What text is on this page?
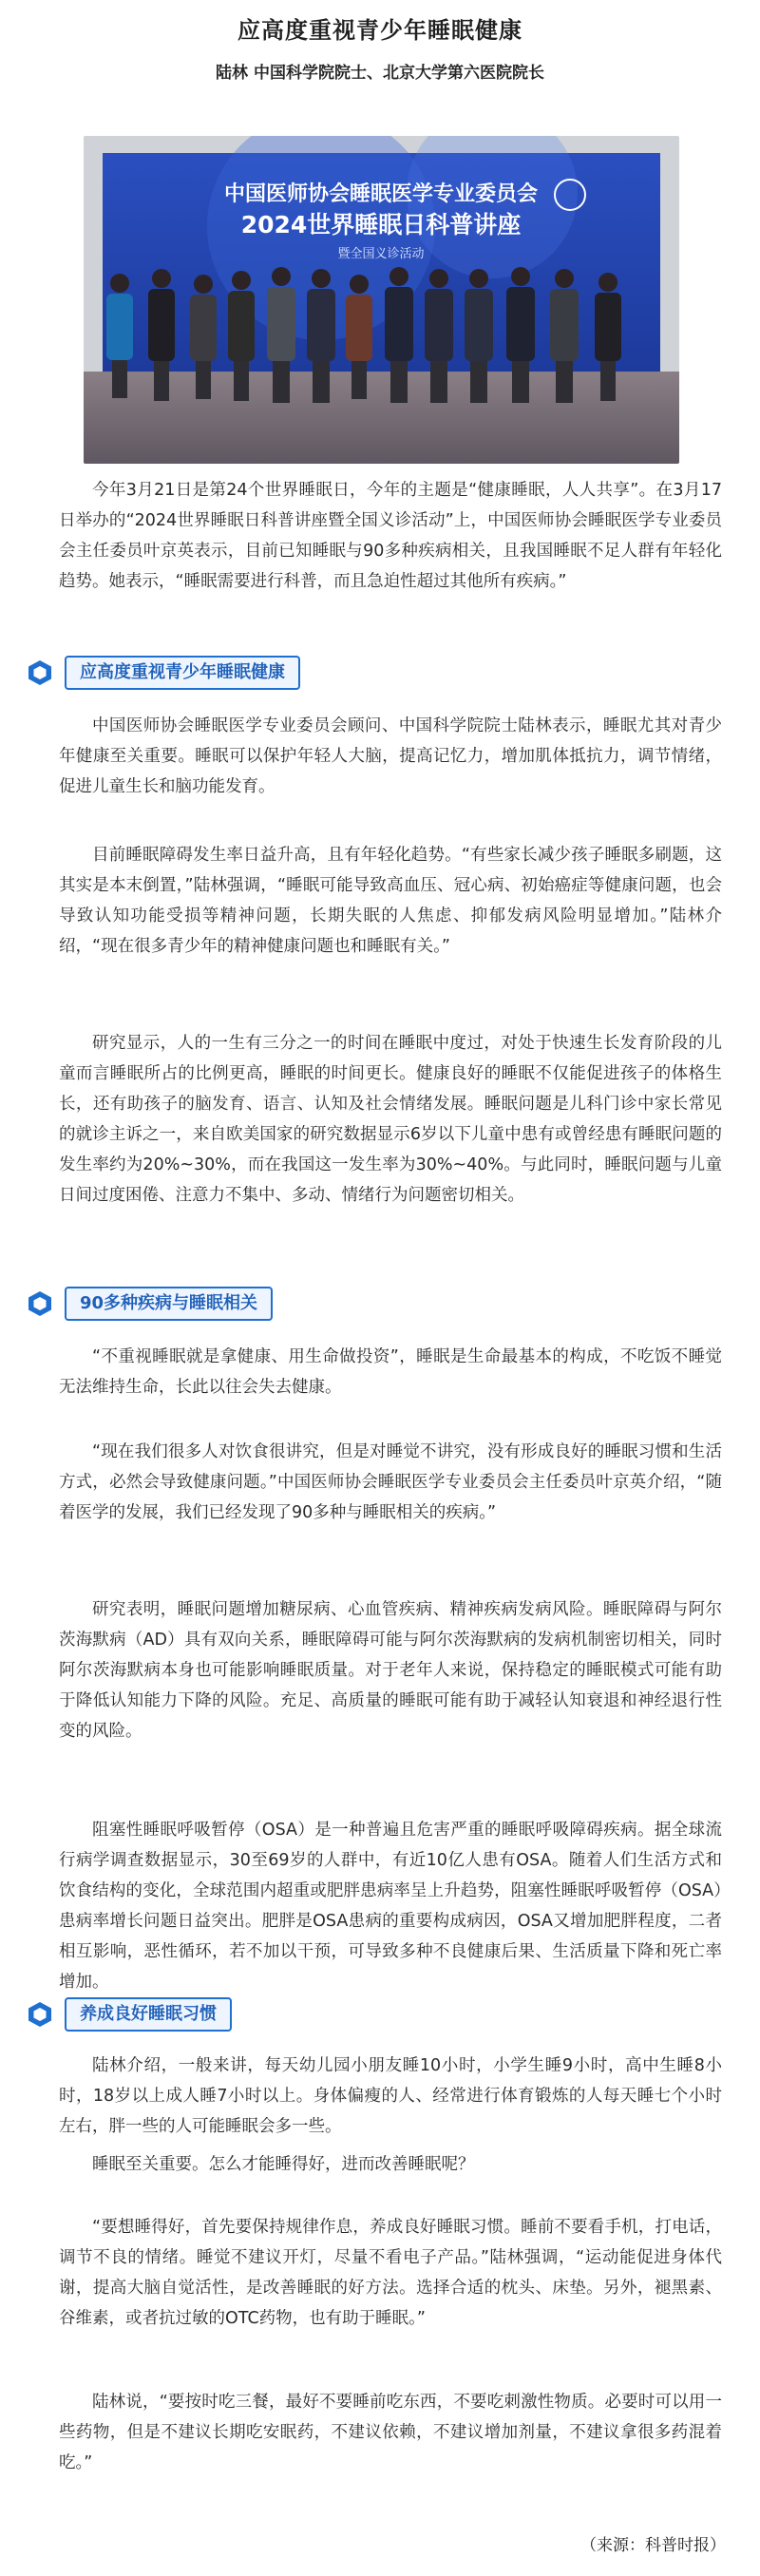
应高度重视青少年睡眠健康
陆林 中国科学院院士、北京大学第六医院院长
中国医师协会睡眠医学专业委员会
2024世界睡眠日科普讲座
暨全国义诊活动

今年3月21日是第24个世界睡眠日，今年的主题是“健康睡眠，人人共享”。在3月17日举办的“2024世界睡眠日科普讲座暨全国义诊活动”上，中国医师协会睡眠医学专业委员会主任委员叶京英表示，目前已知睡眠与90多种疾病相关，且我国睡眠不足人群有年轻化趋势。她表示，“睡眠需要进行科普，而且急迫性超过其他所有疾病。”

应高度重视青少年睡眠健康

中国医师协会睡眠医学专业委员会顾问、中国科学院院士陆林表示，睡眠尤其对青少年健康至关重要。睡眠可以保护年轻人大脑，提高记忆力，增加肌体抵抗力，调节情绪，促进儿童生长和脑功能发育。

目前睡眠障碍发生率日益升高，且有年轻化趋势。“有些家长减少孩子睡眠多刷题，这其实是本末倒置，”陆林强调，“睡眠可能导致高血压、冠心病、初始癌症等健康问题，也会导致认知功能受损等精神问题，长期失眠的人焦虑、抑郁发病风险明显增加。”陆林介绍，“现在很多青少年的精神健康问题也和睡眠有关。”

研究显示，人的一生有三分之一的时间在睡眠中度过，对处于快速生长发育阶段的儿童而言睡眠所占的比例更高，睡眠的时间更长。健康良好的睡眠不仅能促进孩子的体格生长，还有助孩子的脑发育、语言、认知及社会情绪发展。睡眠问题是儿科门诊中家长常见的就诊主诉之一，来自欧美国家的研究数据显示6岁以下儿童中患有或曾经患有睡眠问题的发生率约为20%~30%，而在我国这一发生率为30%~40%。与此同时，睡眠问题与儿童日间过度困倦、注意力不集中、多动、情绪行为问题密切相关。

90多种疾病与睡眠相关

“不重视睡眠就是拿健康、用生命做投资”，睡眠是生命最基本的构成，不吃饭不睡觉无法维持生命，长此以往会失去健康。

“现在我们很多人对饮食很讲究，但是对睡觉不讲究，没有形成良好的睡眠习惯和生活方式，必然会导致健康问题。”中国医师协会睡眠医学专业委员会主任委员叶京英介绍，“随着医学的发展，我们已经发现了90多种与睡眠相关的疾病。”

研究表明，睡眠问题增加糖尿病、心血管疾病、精神疾病发病风险。睡眠障碍与阿尔茨海默病（AD）具有双向关系，睡眠障碍可能与阿尔茨海默病的发病机制密切相关，同时阿尔茨海默病本身也可能影响睡眠质量。对于老年人来说，保持稳定的睡眠模式可能有助于降低认知能力下降的风险。充足、高质量的睡眠可能有助于减轻认知衰退和神经退行性变的风险。

阻塞性睡眠呼吸暂停（OSA）是一种普遍且危害严重的睡眠呼吸障碍疾病。据全球流行病学调查数据显示，30至69岁的人群中，有近10亿人患有OSA。随着人们生活方式和饮食结构的变化，全球范围内超重或肥胖患病率呈上升趋势，阻塞性睡眠呼吸暂停（OSA）患病率增长问题日益突出。肥胖是OSA患病的重要构成病因，OSA又增加肥胖程度，二者相互影响，恶性循环，若不加以干预，可导致多种不良健康后果、生活质量下降和死亡率增加。

养成良好睡眠习惯

陆林介绍，一般来讲，每天幼儿园小朋友睡10小时，小学生睡9小时，高中生睡8小时，18岁以上成人睡7小时以上。身体偏瘦的人、经常进行体育锻炼的人每天睡七个小时左右，胖一些的人可能睡眠会多一些。

睡眠至关重要。怎么才能睡得好，进而改善睡眠呢？

“要想睡得好，首先要保持规律作息，养成良好睡眠习惯。睡前不要看手机，打电话，调节不良的情绪。睡觉不建议开灯，尽量不看电子产品。”陆林强调，“运动能促进身体代谢，提高大脑自觉活性，是改善睡眠的好方法。选择合适的枕头、床垫。另外，褪黑素、谷维素，或者抗过敏的OTC药物，也有助于睡眠。”

陆林说，“要按时吃三餐，最好不要睡前吃东西，不要吃刺激性物质。必要时可以用一些药物，但是不建议长期吃安眠药，不建议依赖，不建议增加剂量，不建议拿很多药混着吃。”

（来源：科普时报）
